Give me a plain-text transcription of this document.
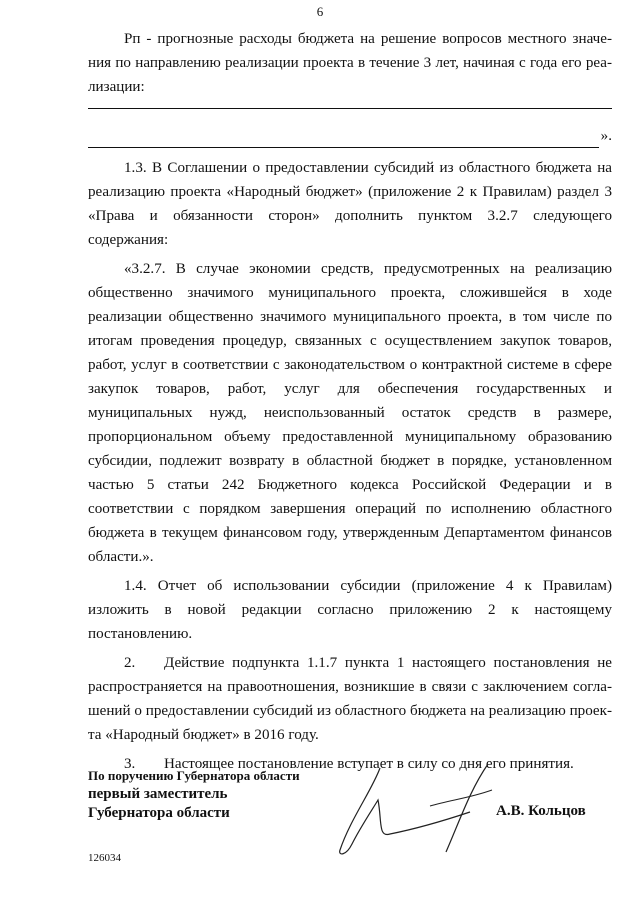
6

Pп - прогнозные расходы бюджета на решение вопросов местного значе-
ния по направлению реализации проекта в течение 3 лет, начиная с года его реа-
лизации:

».

1.3. В Соглашении о предоставлении субсидий из областного бюджета на
реализацию проекта «Народный бюджет» (приложение 2 к Правилам) раздел 3
«Права и обязанности сторон» дополнить пунктом 3.2.7 следующего
содержания:

«3.2.7. В случае экономии средств, предусмотренных на реализацию
общественно значимого муниципального проекта, сложившейся в ходе
реализации общественно значимого муниципального проекта, в том числе по
итогам проведения процедур, связанных с осуществлением закупок товаров,
работ, услуг в соответствии с законодательством о контрактной системе в сфере
закупок товаров, работ, услуг для обеспечения государственных и
муниципальных нужд, неиспользованный остаток средств в размере,
пропорциональном объему предоставленной муниципальному образованию
субсидии, подлежит возврату в областной бюджет в порядке, установленном
частью 5 статьи 242 Бюджетного кодекса Российской Федерации и в
соответствии с порядком завершения операций по исполнению областного
бюджета в текущем финансовом году, утвержденным Департаментом финансов
области.».

1.4. Отчет об использовании субсидии (приложение 4 к Правилам)
изложить в новой редакции согласно приложению 2 к настоящему
постановлению.

2. Действие подпункта 1.1.7 пункта 1 настоящего постановления не
распространяется на правоотношения, возникшие в связи с заключением согла-
шений о предоставлении субсидий из областного бюджета на реализацию проек-
та «Народный бюджет» в 2016 году.

3. Настоящее постановление вступает в силу со дня его принятия.

По поручению Губернатора области
первый заместитель
Губернатора области	А.В. Кольцов
126034
